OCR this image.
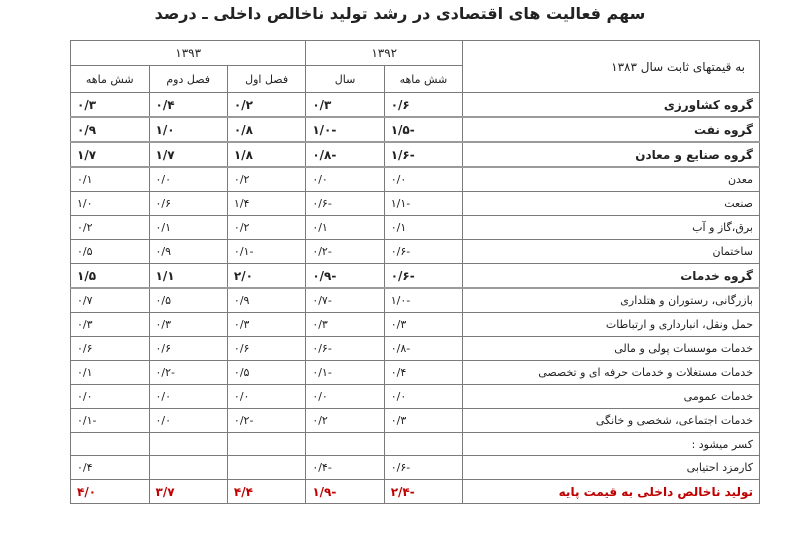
سهم فعالیت های اقتصادی در رشد تولید ناخالص داخلی ـ درصد
به قیمتهای ثابت سال ۱۳۸۳	۱۳۹۲		۱۳۹۳		
	شش ماهه	سال	فصل اول	فصل دوم	شش ماهه
گروه کشاورزی	۰/۶	۰/۳	۰/۲	۰/۴	۰/۳
گروه نفت	-۱/۵	-۱/۰	۰/۸	۱/۰	۰/۹
گروه صنایع و معادن	-۱/۶	-۰/۸	۱/۸	۱/۷	۱/۷
معدن	۰/۰	۰/۰	۰/۲	۰/۰	۰/۱
صنعت	-۱/۱	-۰/۶	۱/۴	۰/۶	۱/۰
برق،گاز و آب	۰/۱	۰/۱	۰/۲	۰/۱	۰/۲
ساختمان	-۰/۶	-۰/۲	-۰/۱	۰/۹	۰/۵
گروه خدمات	-۰/۶	-۰/۹	۲/۰	۱/۱	۱/۵
بازرگانی، رستوران و هتلداری	-۱/۰	-۰/۷	۰/۹	۰/۵	۰/۷
حمل ونقل، انبارداری و ارتباطات	۰/۳	۰/۳	۰/۳	۰/۳	۰/۳
خدمات موسسات پولی و مالی	-۰/۸	-۰/۶	۰/۶	۰/۶	۰/۶
خدمات مستغلات و خدمات حرفه ای و تخصصی	۰/۴	-۰/۱	۰/۵	-۰/۲	۰/۱
خدمات عمومی	۰/۰	۰/۰	۰/۰	۰/۰	۰/۰
خدمات اجتماعی، شخصی و خانگی	۰/۳	۰/۲	-۰/۲	۰/۰	-۰/۱
کسر میشود :					
کارمزد احتیابی	-۰/۶	-۰/۴			۰/۴
تولید ناخالص داخلی به قیمت پایه	-۲/۴	-۱/۹	۴/۴	۳/۷	۴/۰
